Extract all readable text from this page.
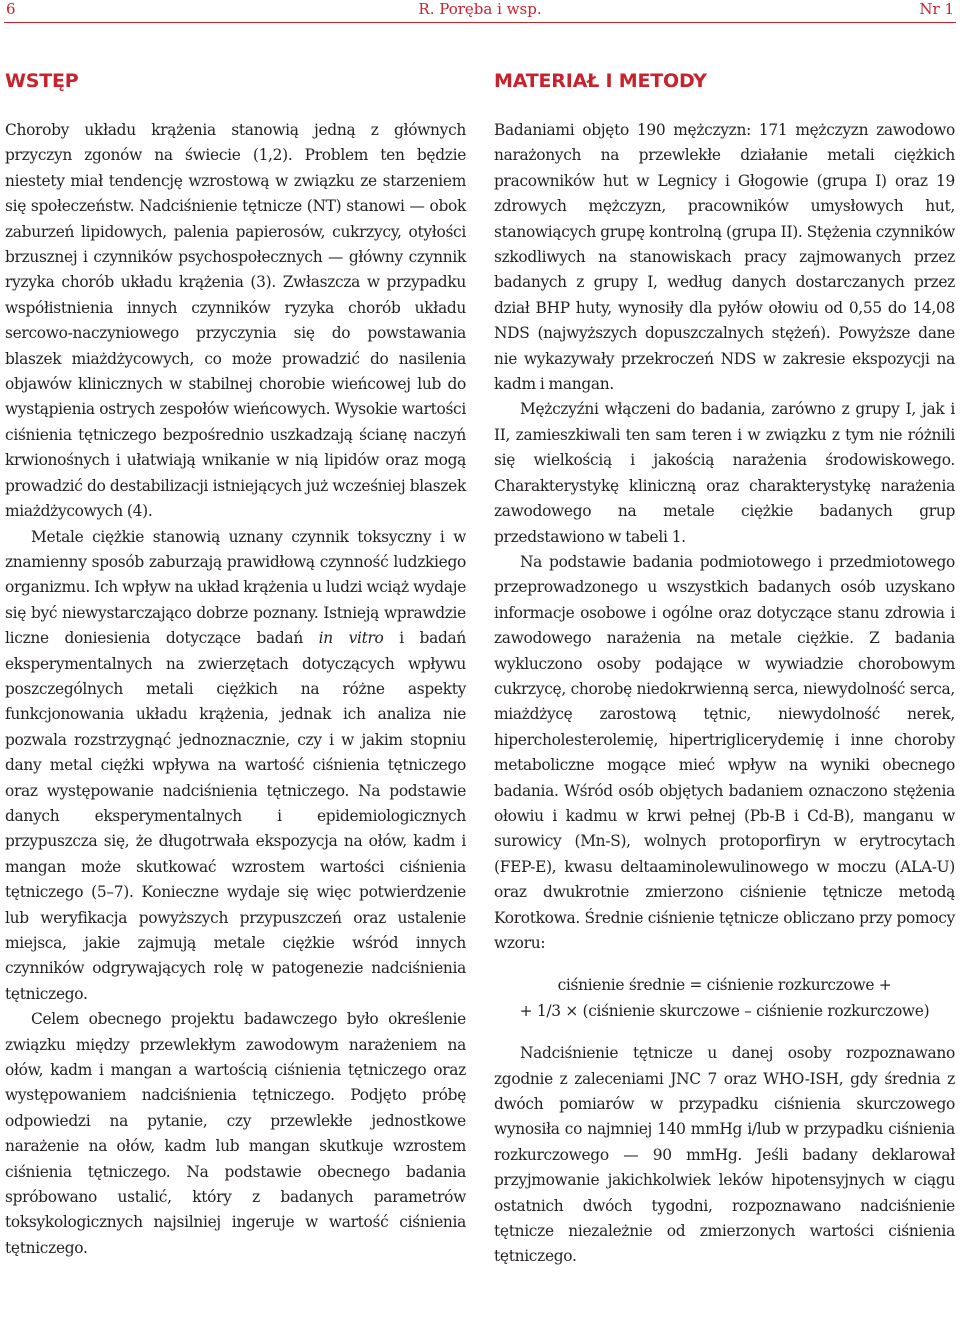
6	R. Poręba i wsp.	Nr 1
WSTĘP

Choroby układu krążenia stanowią jedną z głównych przyczyn zgonów na świecie (1,2). Problem ten będzie niestety miał tendencję wzrostową w związku ze starzeniem się społeczeństw. Nadciśnienie tętnicze (NT) stanowi — obok zaburzeń lipidowych, palenia papierosów, cukrzycy, otyłości brzusznej i czynników psychospołecznych — główny czynnik ryzyka chorób układu krążenia (3). Zwłaszcza w przypadku współistnienia innych czynników ryzyka chorób układu sercowo-naczyniowego przyczynia się do powstawania blaszek miażdżycowych, co może prowadzić do nasilenia objawów klinicznych w stabilnej chorobie wieńcowej lub do wystąpienia ostrych zespołów wieńcowych. Wysokie wartości ciśnienia tętniczego bezpośrednio uszkadzają ścianę naczyń krwionośnych i ułatwiają wnikanie w nią lipidów oraz mogą prowadzić do destabilizacji istniejących już wcześniej blaszek miażdżycowych (4).

Metale ciężkie stanowią uznany czynnik toksyczny i w znamienny sposób zaburzają prawidłową czynność ludzkiego organizmu. Ich wpływ na układ krążenia u ludzi wciąż wydaje się być niewystarczająco dobrze poznany. Istnieją wprawdzie liczne doniesienia dotyczące badań in vitro i badań eksperymentalnych na zwierzętach dotyczących wpływu poszczególnych metali ciężkich na różne aspekty funkcjonowania układu krążenia, jednak ich analiza nie pozwala rozstrzygnąć jednoznacznie, czy i w jakim stopniu dany metal ciężki wpływa na wartość ciśnienia tętniczego oraz występowanie nadciśnienia tętniczego. Na podstawie danych eksperymentalnych i epidemiologicznych przypuszcza się, że długotrwała ekspozycja na ołów, kadm i mangan może skutkować wzrostem wartości ciśnienia tętniczego (5–7). Konieczne wydaje się więc potwierdzenie lub weryfikacja powyższych przypuszczeń oraz ustalenie miejsca, jakie zajmują metale ciężkie wśród innych czynników odgrywających rolę w patogenezie nadciśnienia tętniczego.

Celem obecnego projektu badawczego było określenie związku między przewlekłym zawodowym narażeniem na ołów, kadm i mangan a wartością ciśnienia tętniczego oraz występowaniem nadciśnienia tętniczego. Podjęto próbę odpowiedzi na pytanie, czy przewlekłe jednostkowe narażenie na ołów, kadm lub mangan skutkuje wzrostem ciśnienia tętniczego. Na podstawie obecnego badania spróbowano ustalić, który z badanych parametrów toksykologicznych najsilniej ingeruje w wartość ciśnienia tętniczego.

MATERIAŁ I METODY

Badaniami objęto 190 mężczyzn: 171 mężczyzn zawodowo narażonych na przewlekłe działanie metali ciężkich pracowników hut w Legnicy i Głogowie (grupa I) oraz 19 zdrowych mężczyzn, pracowników umysłowych hut, stanowiących grupę kontrolną (grupa II). Stężenia czynników szkodliwych na stanowiskach pracy zajmowanych przez badanych z grupy I, według danych dostarczanych przez dział BHP huty, wynosiły dla pyłów ołowiu od 0,55 do 14,08 NDS (najwyższych dopuszczalnych stężeń). Powyższe dane nie wykazywały przekroczeń NDS w zakresie ekspozycji na kadm i mangan.

Mężczyźni włączeni do badania, zarówno z grupy I, jak i II, zamieszkiwali ten sam teren i w związku z tym nie różnili się wielkością i jakością narażenia środowiskowego. Charakterystykę kliniczną oraz charakterystykę narażenia zawodowego na metale ciężkie badanych grup przedstawiono w tabeli 1.

Na podstawie badania podmiotowego i przedmiotowego przeprowadzonego u wszystkich badanych osób uzyskano informacje osobowe i ogólne oraz dotyczące stanu zdrowia i zawodowego narażenia na metale ciężkie. Z badania wykluczono osoby podające w wywiadzie chorobowym cukrzycę, chorobę niedokrwienną serca, niewydolność serca, miażdżycę zarostową tętnic, niewydolność nerek, hipercholesterolemię, hipertriglicerydemię i inne choroby metaboliczne mogące mieć wpływ na wyniki obecnego badania. Wśród osób objętych badaniem oznaczono stężenia ołowiu i kadmu w krwi pełnej (Pb-B i Cd-B), manganu w surowicy (Mn-S), wolnych protoporfiryn w erytrocytach (FEP-E), kwasu deltaaminolewulinowego w moczu (ALA-U) oraz dwukrotnie zmierzono ciśnienie tętnicze metodą Korotkowa. Średnie ciśnienie tętnicze obliczano przy pomocy wzoru:

ciśnienie średnie = ciśnienie rozkurczowe +
+ 1/3 × (ciśnienie skurczowe – ciśnienie rozkurczowe)

Nadciśnienie tętnicze u danej osoby rozpoznawano zgodnie z zaleceniami JNC 7 oraz WHO-ISH, gdy średnia z dwóch pomiarów w przypadku ciśnienia skurczowego wynosiła co najmniej 140 mmHg i/lub w przypadku ciśnienia rozkurczowego — 90 mmHg. Jeśli badany deklarował przyjmowanie jakichkolwiek leków hipotensyjnych w ciągu ostatnich dwóch tygodni, rozpoznawano nadciśnienie tętnicze niezależnie od zmierzonych wartości ciśnienia tętniczego.
